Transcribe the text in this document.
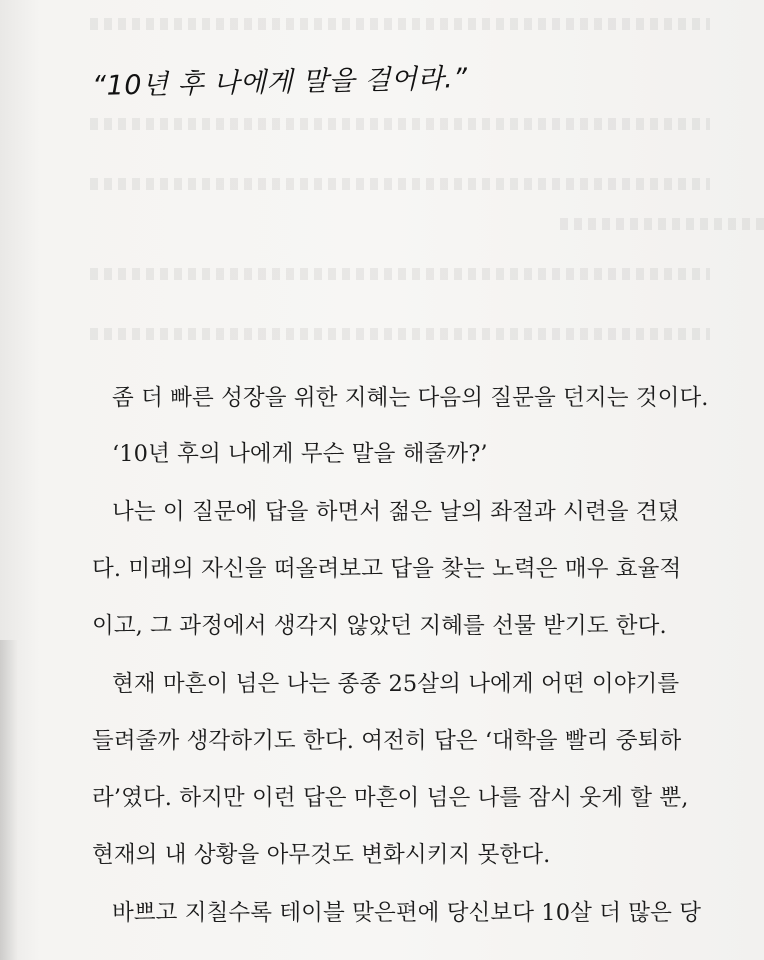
“10년 후 나에게 말을 걸어라.”
좀 더 빠른 성장을 위한 지혜는 다음의 질문을 던지는 것이다.
‘10년 후의 나에게 무슨 말을 해줄까?’
나는 이 질문에 답을 하면서 젊은 날의 좌절과 시련을 견뎠
다. 미래의 자신을 떠올려보고 답을 찾는 노력은 매우 효율적
이고, 그 과정에서 생각지 않았던 지혜를 선물 받기도 한다.
현재 마흔이 넘은 나는 종종 25살의 나에게 어떤 이야기를
들려줄까 생각하기도 한다. 여전히 답은 ‘대학을 빨리 중퇴하
라’였다. 하지만 이런 답은 마흔이 넘은 나를 잠시 웃게 할 뿐,
현재의 내 상황을 아무것도 변화시키지 못한다.
바쁘고 지칠수록 테이블 맞은편에 당신보다 10살 더 많은 당
